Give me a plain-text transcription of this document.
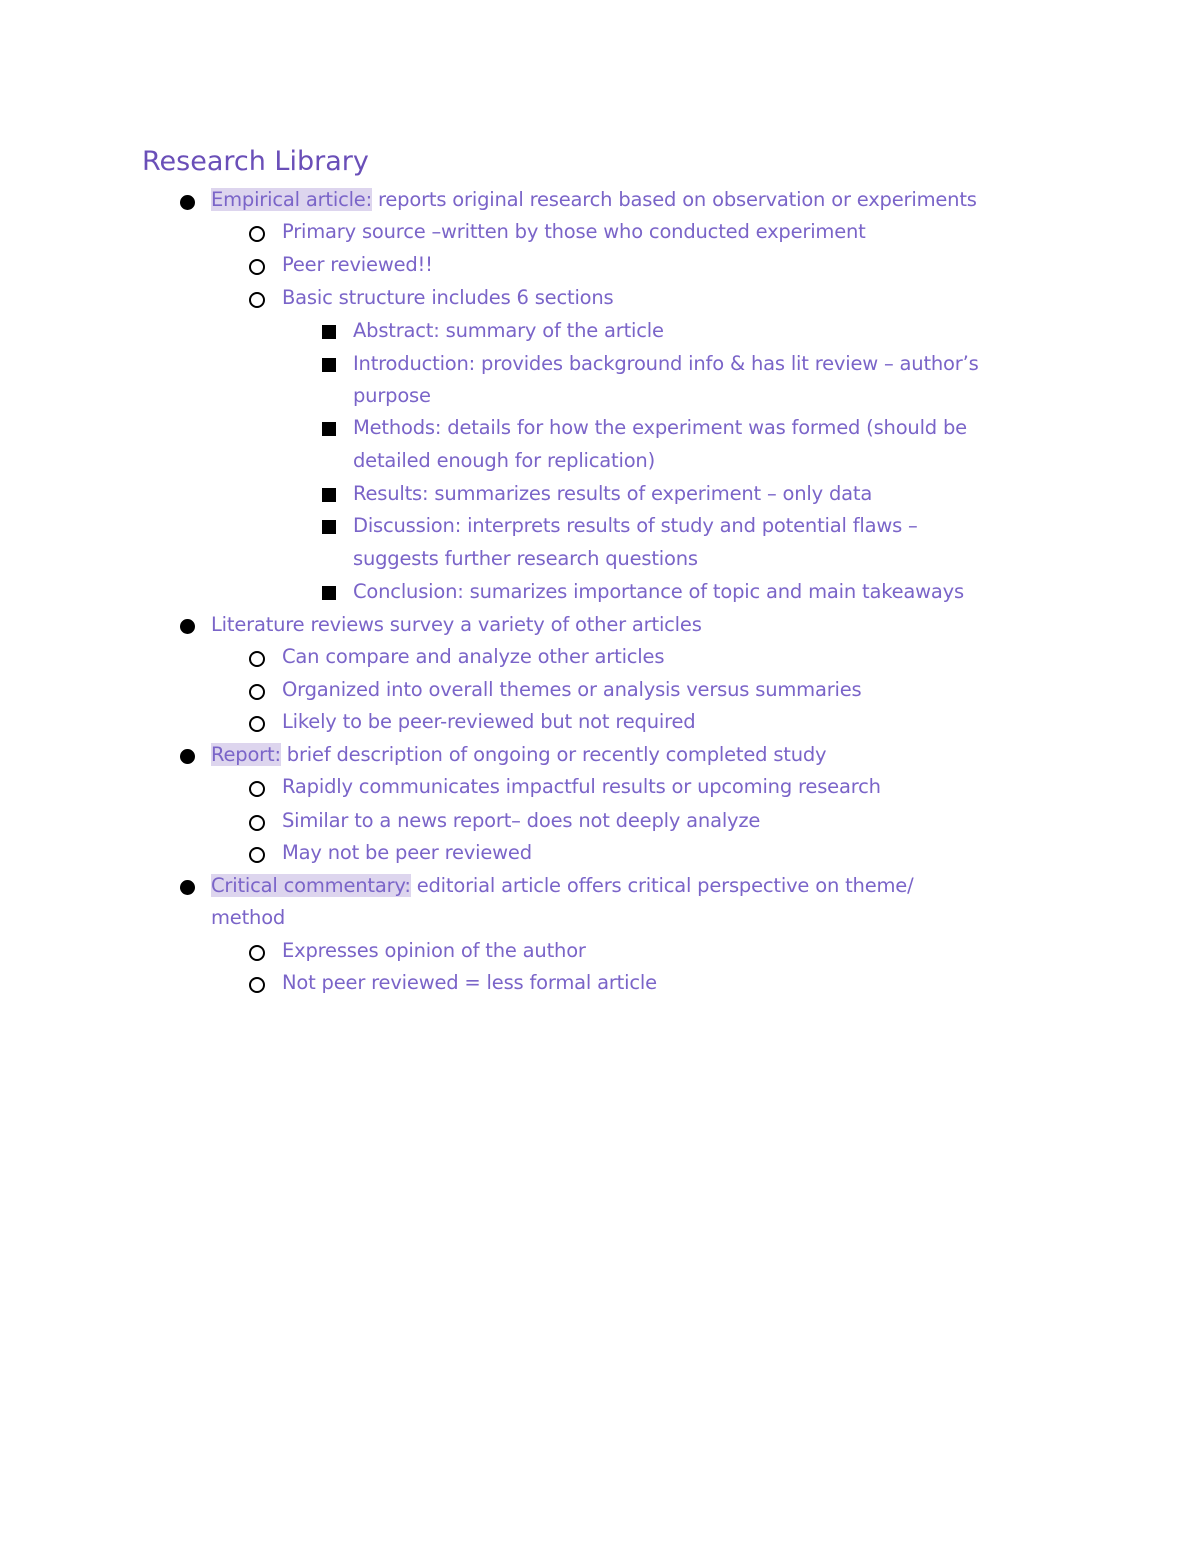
Research Library
Empirical article: reports original research based on observation or experiments
Primary source –written by those who conducted experiment
Peer reviewed!!
Basic structure includes 6 sections
Abstract: summary of the article
Introduction: provides background info & has lit review – author’s
purpose
Methods: details for how the experiment was formed (should be
detailed enough for replication)
Results: summarizes results of experiment – only data
Discussion: interprets results of study and potential flaws –
suggests further research questions
Conclusion: sumarizes importance of topic and main takeaways
Literature reviews survey a variety of other articles
Can compare and analyze other articles
Organized into overall themes or analysis versus summaries
Likely to be peer-reviewed but not required
Report: brief description of ongoing or recently completed study
Rapidly communicates impactful results or upcoming research
Similar to a news report– does not deeply analyze
May not be peer reviewed
Critical commentary: editorial article offers critical perspective on theme/
method
Expresses opinion of the author
Not peer reviewed = less formal article
